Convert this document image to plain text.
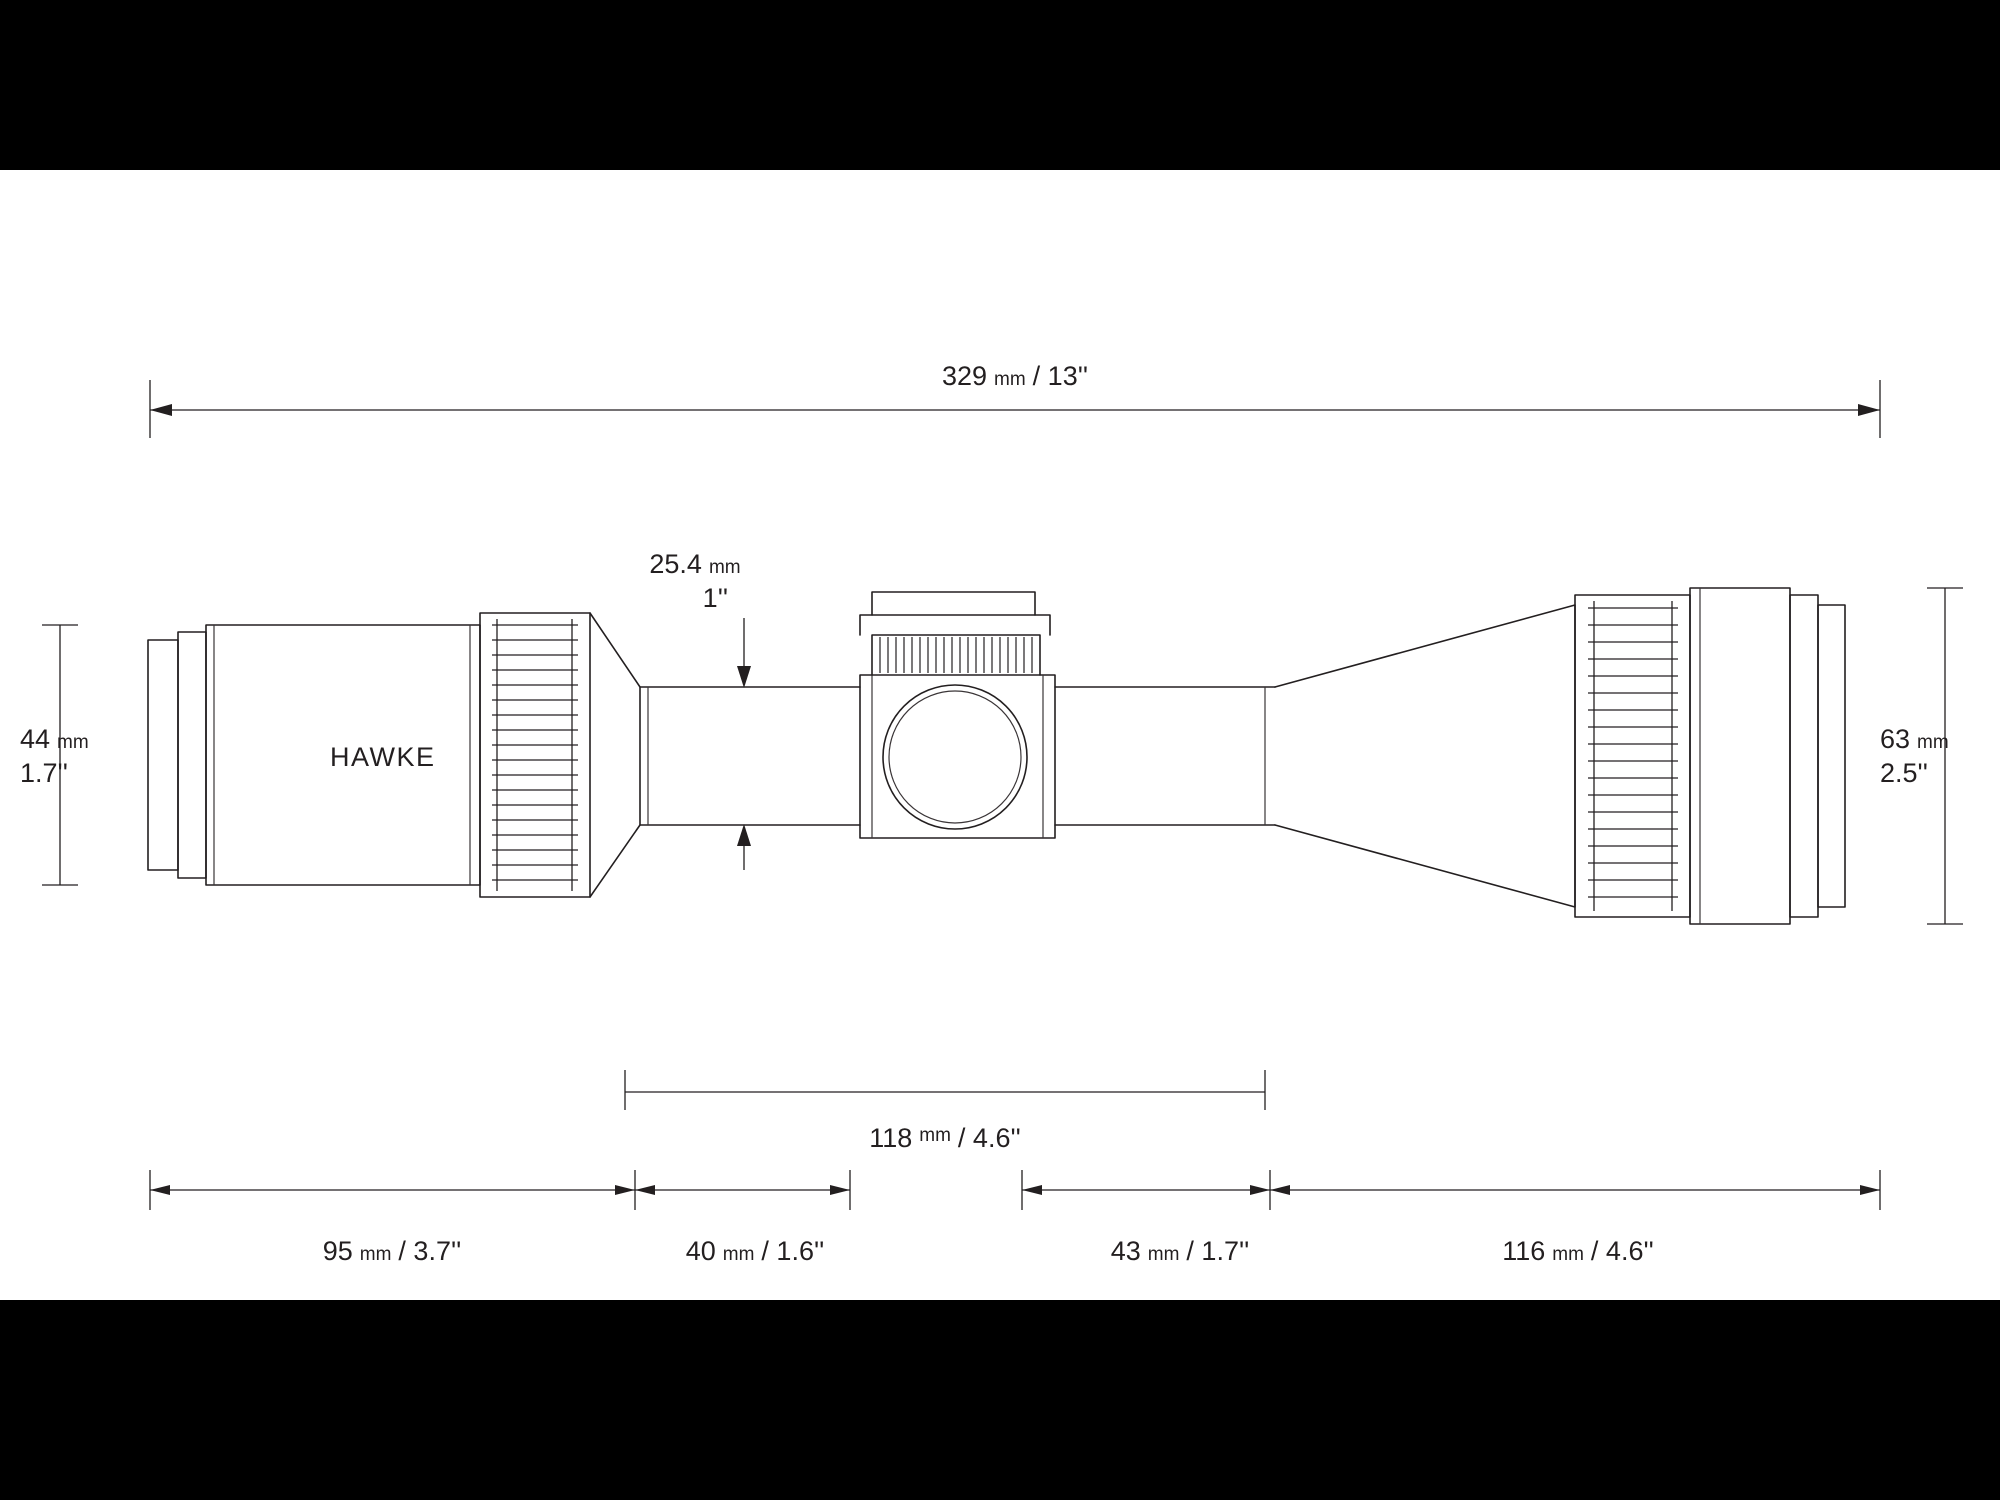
329 mm / 13''
HAWKE
44 mm
1.7''
63 mm
2.5''
25.4 mm
1''
118 mm / 4.6''
95 mm / 3.7''	40 mm / 1.6''	43 mm / 1.7''	116 mm / 4.6''
